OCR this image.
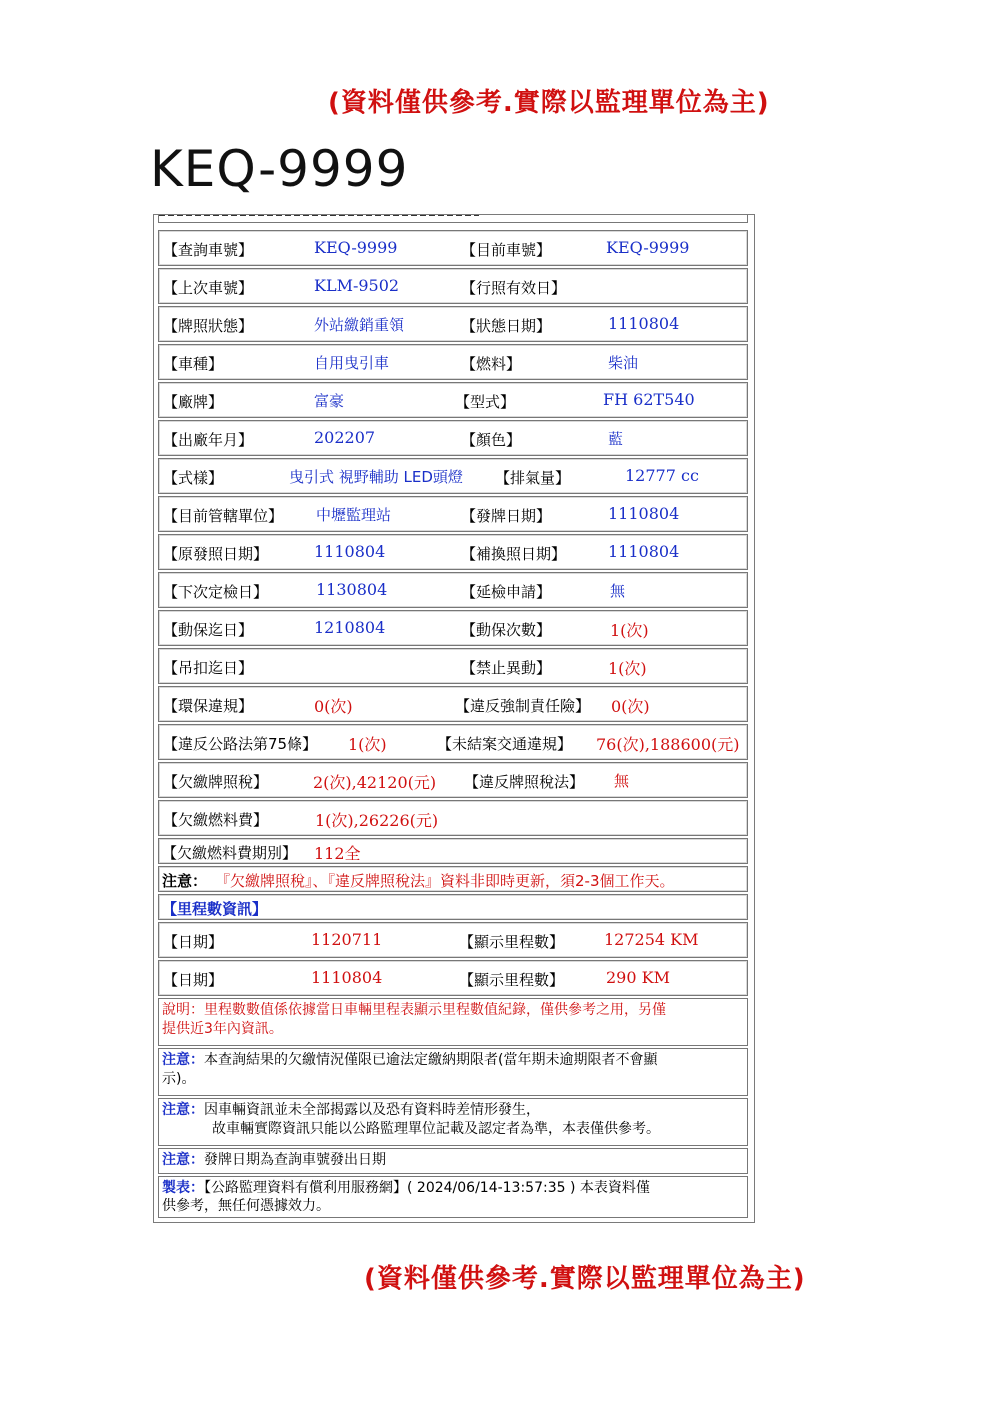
(資料僅供參考.實際以監理單位為主)
KEQ-9999
【查詢車號】	KEQ-9999	【目前車號】	KEQ-9999
【上次車號】	KLM-9502	【行照有效日】
【牌照狀態】	外站繳銷重領	【狀態日期】	1110804
【車種】	自用曳引車	【燃料】	柴油
【廠牌】	富豪	【型式】	FH 62T540
【出廠年月】	202207	【顏色】	藍
【式樣】	曳引式 視野輔助 LED頭燈 【排氣量】	12777 cc
【目前管轄單位】 中壢監理站	【發牌日期】	1110804
【原發照日期】	1110804	【補換照日期】	1110804
【下次定檢日】	1130804	【延檢申請】	無
【動保迄日】	1210804	【動保次數】	1(次)
【吊扣迄日】	【禁止異動】	1(次)
【環保違規】	0(次)	【違反強制責任險】 0(次)
【違反公路法第75條】 1(次)	【未結案交通違規】 76(次),188600(元)
【欠繳牌照稅】	2(次),42120(元) 【違反牌照稅法】 無
【欠繳燃料費】	1(次),26226(元)
【欠繳燃料費期別】 112全
注意： 『欠繳牌照稅』、『違反牌照稅法』資料非即時更新，須2-3個工作天。
【里程數資訊】
【日期】	1120711	【顯示里程數】 127254 KM
【日期】	1110804	【顯示里程數】	290 KM
說明：里程數數值係依據當日車輛里程表顯示里程數值紀錄，僅供參考之用，另僅
提供近3年內資訊。
注意：本查詢結果的欠繳情況僅限已逾法定繳納期限者(當年期未逾期限者不會顯
示)。
注意：因車輛資訊並未全部揭露以及恐有資料時差情形發生，
故車輛實際資訊只能以公路監理單位記載及認定者為準，本表僅供參考。
注意：發牌日期為查詢車號發出日期
製表：【公路監理資料有償利用服務網】( 2024/06/14-13:57:35 ) 本表資料僅
供參考，無任何憑據效力。
(資料僅供參考.實際以監理單位為主)
